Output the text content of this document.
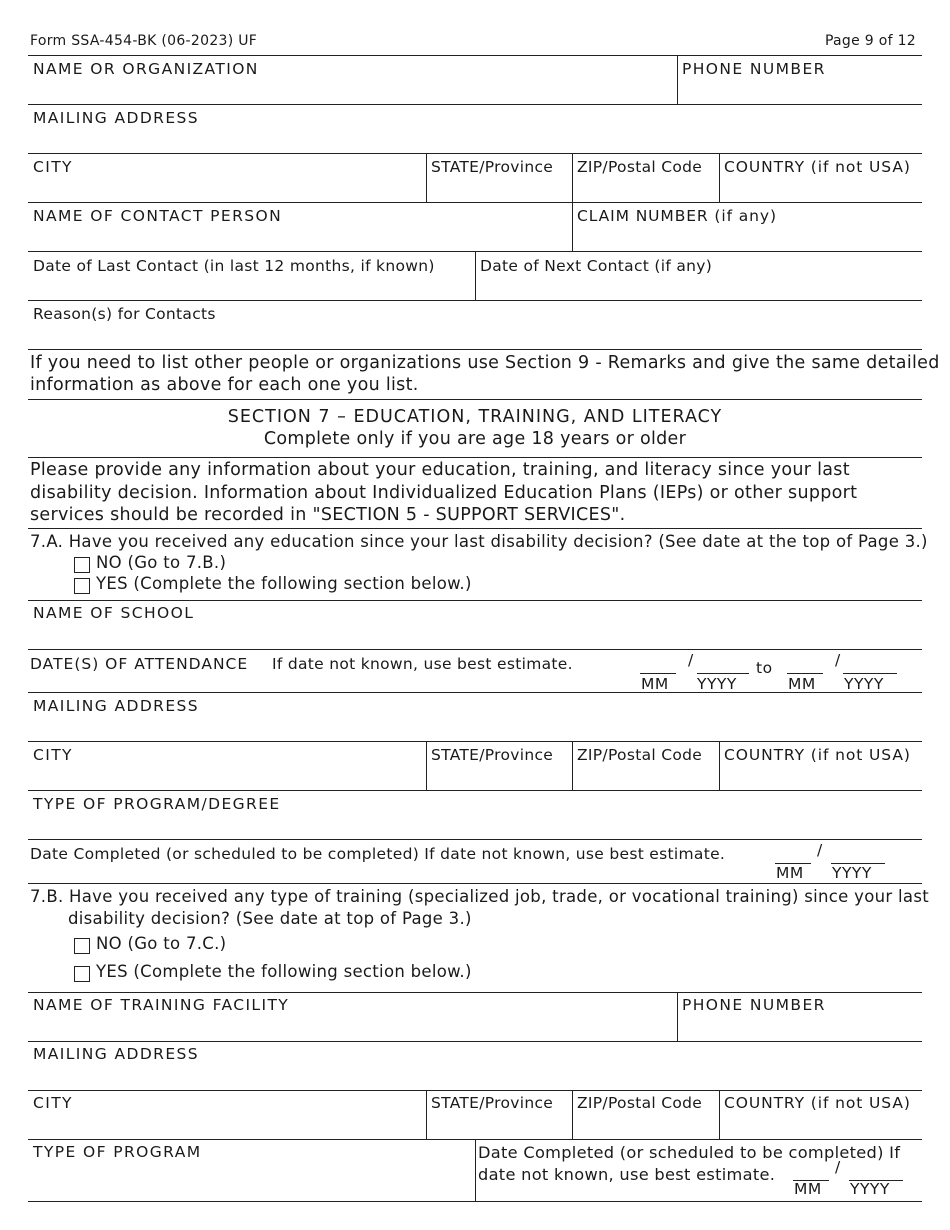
Form SSA-454-BK (06-2023) UF	Page 9 of 12
NAME OR ORGANIZATION	PHONE NUMBER
MAILING ADDRESS
CITY	STATE/Province ZIP/Postal Code COUNTRY (if not USA)
NAME OF CONTACT PERSON	CLAIM NUMBER (if any)
Date of Last Contact (in last 12 months, if known)	Date of Next Contact (if any)
Reason(s) for Contacts
If you need to list other people or organizations use Section 9 - Remarks and give the same detailed
information as above for each one you list.
SECTION 7 – EDUCATION, TRAINING, AND LITERACY
Complete only if you are age 18 years or older
Please provide any information about your education, training, and literacy since your last
disability decision. Information about Individualized Education Plans (IEPs) or other support
services should be recorded in "SECTION 5 - SUPPORT SERVICES".
7.A. Have you received any education since your last disability decision? (See date at the top of Page 3.)
NO (Go to 7.B.)
YES (Complete the following section below.)
NAME OF SCHOOL
DATE(S) OF ATTENDANCE If date not known, use best estimate.	/	to	/
MM YYYY	MM YYYY
MAILING ADDRESS
CITY	STATE/Province ZIP/Postal Code COUNTRY (if not USA)
TYPE OF PROGRAM/DEGREE
Date Completed (or scheduled to be completed) If date not known, use best estimate.	/
MM YYYY
7.B. Have you received any type of training (specialized job, trade, or vocational training) since your last
disability decision? (See date at top of Page 3.)
NO (Go to 7.C.)
YES (Complete the following section below.)
NAME OF TRAINING FACILITY	PHONE NUMBER
MAILING ADDRESS
CITY	STATE/Province ZIP/Postal Code COUNTRY (if not USA)
TYPE OF PROGRAM	Date Completed (or scheduled to be completed) If
date not known, use best estimate.	/
MM YYYY
